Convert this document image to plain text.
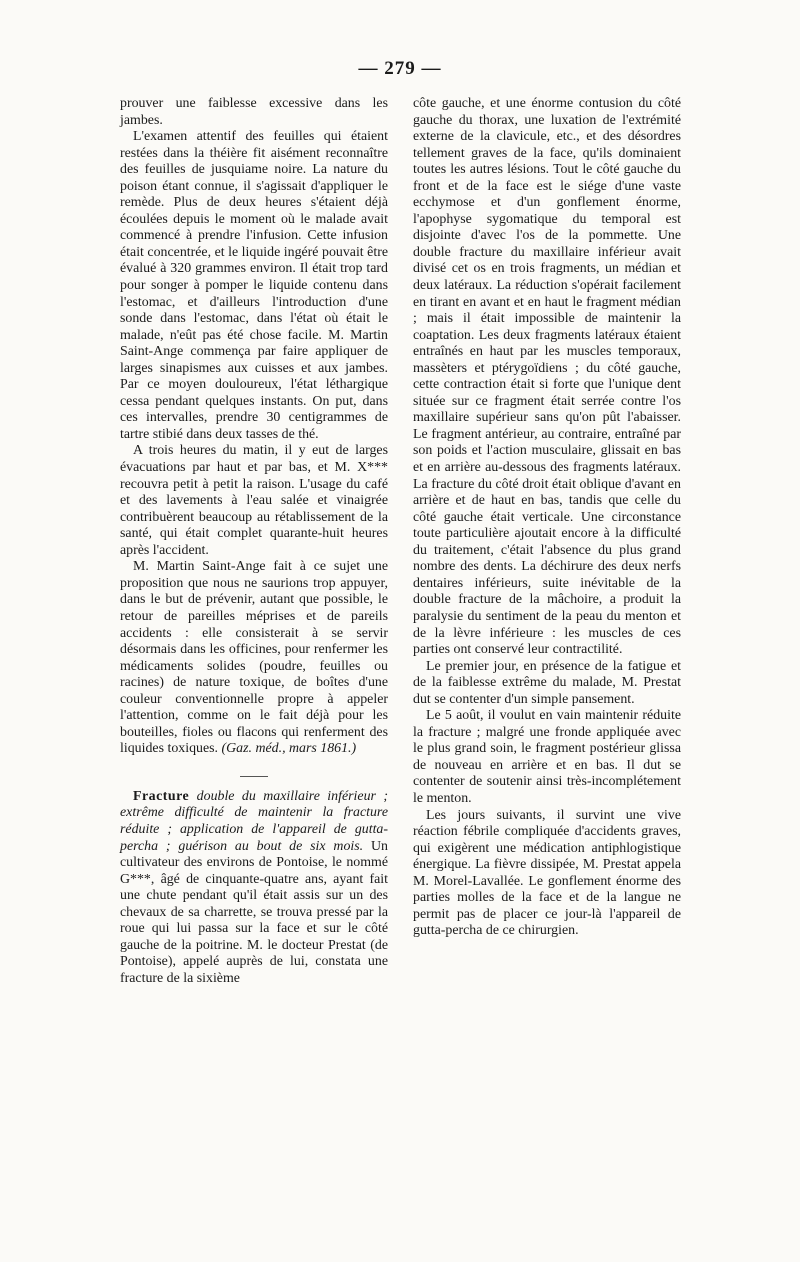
— 279 —

prouver une faiblesse excessive dans les jambes.

L'examen attentif des feuilles qui étaient restées dans la théière fit aisément reconnaître des feuilles de jusquiame noire. La nature du poison étant connue, il s'agissait d'appliquer le remède. Plus de deux heures s'étaient déjà écoulées depuis le moment où le malade avait commencé à prendre l'infusion. Cette infusion était concentrée, et le liquide ingéré pouvait être évalué à 320 grammes environ. Il était trop tard pour songer à pomper le liquide contenu dans l'estomac, et d'ailleurs l'introduction d'une sonde dans l'estomac, dans l'état où était le malade, n'eût pas été chose facile. M. Martin Saint-Ange commença par faire appliquer de larges sinapismes aux cuisses et aux jambes. Par ce moyen douloureux, l'état léthargique cessa pendant quelques instants. On put, dans ces intervalles, prendre 30 centigrammes de tartre stibié dans deux tasses de thé.

A trois heures du matin, il y eut de larges évacuations par haut et par bas, et M. X*** recouvra petit à petit la raison. L'usage du café et des lavements à l'eau salée et vinaigrée contribuèrent beaucoup au rétablissement de la santé, qui était complet quarante-huit heures après l'accident.

M. Martin Saint-Ange fait à ce sujet une proposition que nous ne saurions trop appuyer, dans le but de prévenir, autant que possible, le retour de pareilles méprises et de pareils accidents : elle consisterait à se servir désormais dans les officines, pour renfermer les médicaments solides (poudre, feuilles ou racines) de nature toxique, de boîtes d'une couleur conventionnelle propre à appeler l'attention, comme on le fait déjà pour les bouteilles, fioles ou flacons qui renferment des liquides toxiques. (Gaz. méd., mars 1861.)

Fracture double du maxillaire inférieur ; extrême difficulté de maintenir la fracture réduite ; application de l'appareil de gutta-percha ; guérison au bout de six mois. Un cultivateur des environs de Pontoise, le nommé G***, âgé de cinquante-quatre ans, ayant fait une chute pendant qu'il était assis sur un des chevaux de sa charrette, se trouva pressé par la roue qui lui passa sur la face et sur le côté gauche de la poitrine. M. le docteur Prestat (de Pontoise), appelé auprès de lui, constata une fracture de la sixième

côte gauche, et une énorme contusion du côté gauche du thorax, une luxation de l'extrémité externe de la clavicule, etc., et des désordres tellement graves de la face, qu'ils dominaient toutes les autres lésions. Tout le côté gauche du front et de la face est le siége d'une vaste ecchymose et d'un gonflement énorme, l'apophyse sygomatique du temporal est disjointe d'avec l'os de la pommette. Une double fracture du maxillaire inférieur avait divisé cet os en trois fragments, un médian et deux latéraux. La réduction s'opérait facilement en tirant en avant et en haut le fragment médian ; mais il était impossible de maintenir la coaptation. Les deux fragments latéraux étaient entraînés en haut par les muscles temporaux, massèters et ptérygoïdiens ; du côté gauche, cette contraction était si forte que l'unique dent située sur ce fragment était serrée contre l'os maxillaire supérieur sans qu'on pût l'abaisser. Le fragment antérieur, au contraire, entraîné par son poids et l'action musculaire, glissait en bas et en arrière au-dessous des fragments latéraux. La fracture du côté droit était oblique d'avant en arrière et de haut en bas, tandis que celle du côté gauche était verticale. Une circonstance toute particulière ajoutait encore à la difficulté du traitement, c'était l'absence du plus grand nombre des dents. La déchirure des deux nerfs dentaires inférieurs, suite inévitable de la double fracture de la mâchoire, a produit la paralysie du sentiment de la peau du menton et de la lèvre inférieure : les muscles de ces parties ont conservé leur contractilité.

Le premier jour, en présence de la fatigue et de la faiblesse extrême du malade, M. Prestat dut se contenter d'un simple pansement.

Le 5 août, il voulut en vain maintenir réduite la fracture ; malgré une fronde appliquée avec le plus grand soin, le fragment postérieur glissa de nouveau en arrière et en bas. Il dut se contenter de soutenir ainsi très-incomplétement le menton.

Les jours suivants, il survint une vive réaction fébrile compliquée d'accidents graves, qui exigèrent une médication antiphlogistique énergique. La fièvre dissipée, M. Prestat appela M. Morel-Lavallée. Le gonflement énorme des parties molles de la face et de la langue ne permit pas de placer ce jour-là l'appareil de gutta-percha de ce chirurgien.
